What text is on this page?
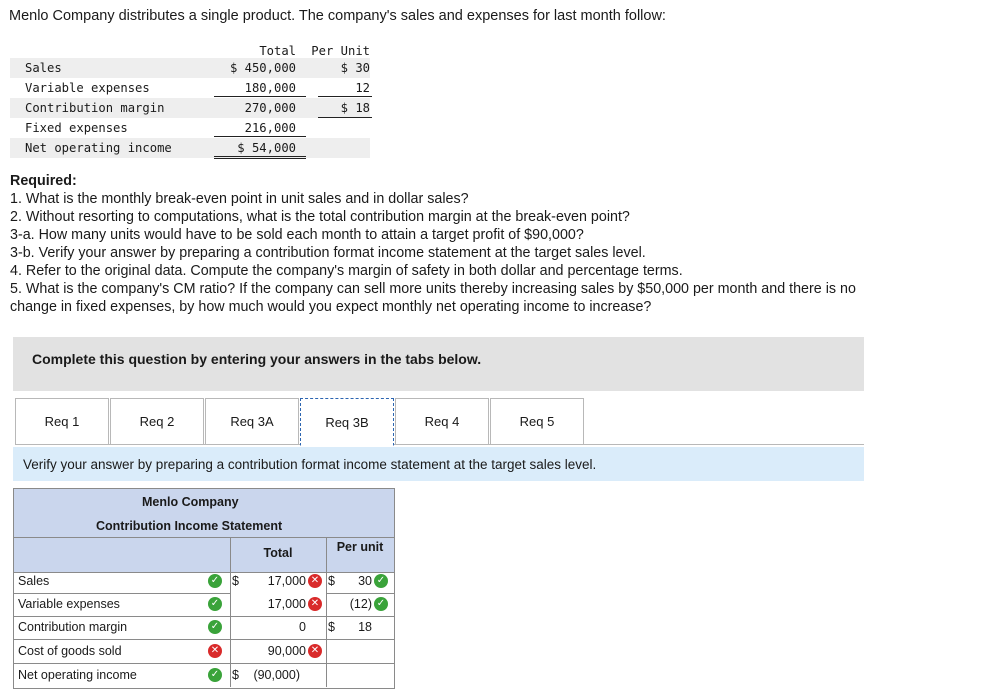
Menlo Company distributes a single product. The company's sales and expenses for last month follow:
Total	Per Unit
Sales	$ 450,000	$ 30
Variable expenses	180,000	12
Contribution margin	270,000	$ 18
Fixed expenses	216,000
Net operating income	$ 54,000
Required:
1. What is the monthly break-even point in unit sales and in dollar sales?
2. Without resorting to computations, what is the total contribution margin at the break-even point?
3-a. How many units would have to be sold each month to attain a target profit of $90,000?
3-b. Verify your answer by preparing a contribution format income statement at the target sales level.
4. Refer to the original data. Compute the company's margin of safety in both dollar and percentage terms.
5. What is the company's CM ratio? If the company can sell more units thereby increasing sales by $50,000 per month and there is no
change in fixed expenses, by how much would you expect monthly net operating income to increase?
Complete this question by entering your answers in the tabs below.
Req 1	Req 2	Req 3A	Req 3B	Req 4	Req 5
Verify your answer by preparing a contribution format income statement at the target sales level.
Menlo Company
Contribution Income Statement
Total	Per unit
Sales	✓ $	17,000 ✕ $	30 ✓
Variable expenses	✓	17,000 ✕	(12) ✓
Contribution margin	✓	0 $	18
Cost of goods sold	✕	90,000 ✕
Net operating income	✓ $	(90,000)
